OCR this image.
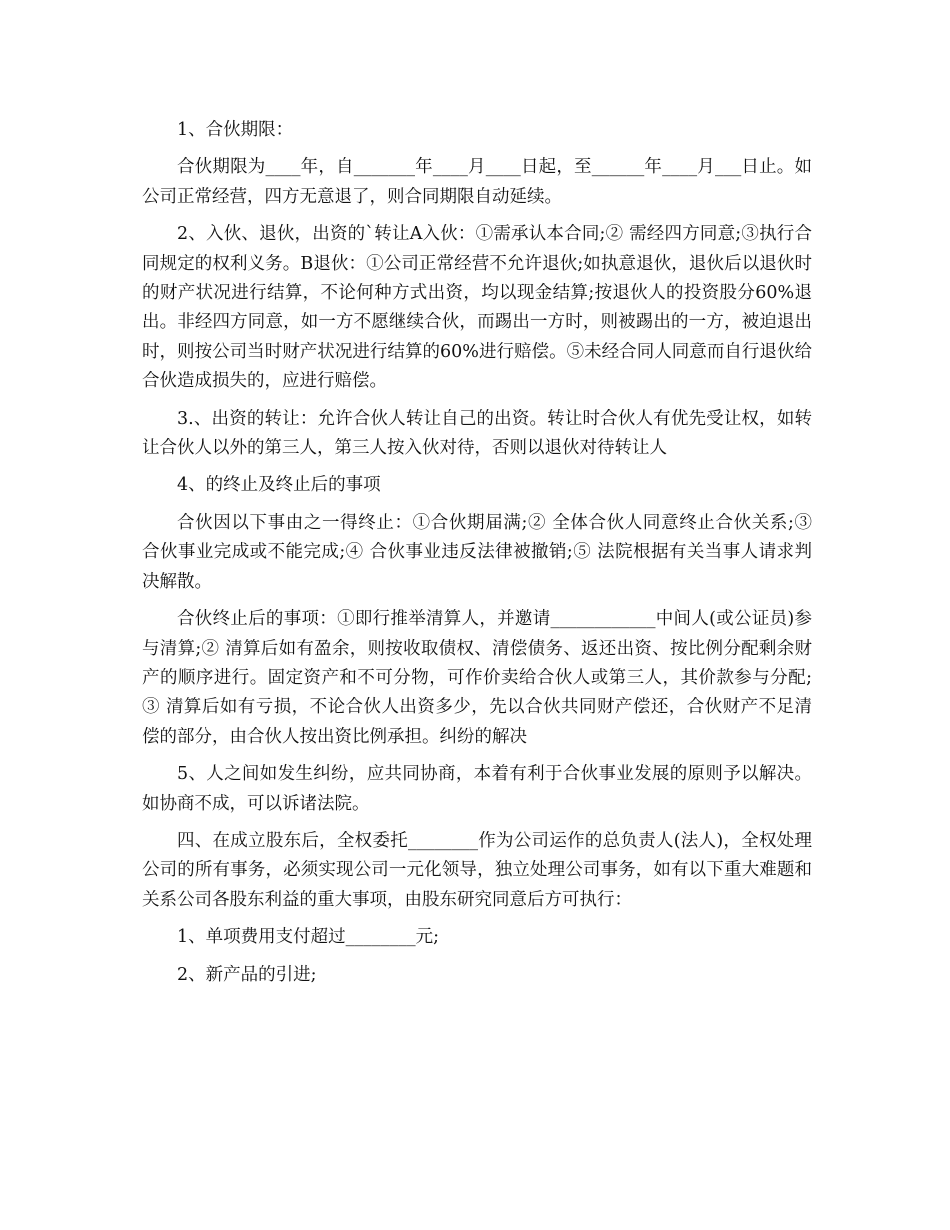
1、合伙期限：

合伙期限为____年，自_______年____月____日起，至______年____月___日止。如公司正常经营，四方无意退了，则合同期限自动延续。

2、入伙、退伙，出资的`转让A入伙：①需承认本合同;② 需经四方同意;③执行合同规定的权利义务。B退伙：①公司正常经营不允许退伙;如执意退伙，退伙后以退伙时的财产状况进行结算，不论何种方式出资，均以现金结算;按退伙人的投资股分60%退出。非经四方同意，如一方不愿继续合伙，而踢出一方时，则被踢出的一方，被迫退出时，则按公司当时财产状况进行结算的60%进行赔偿。⑤未经合同人同意而自行退伙给合伙造成损失的，应进行赔偿。

3.、出资的转让：允许合伙人转让自己的出资。转让时合伙人有优先受让权，如转让合伙人以外的第三人，第三人按入伙对待，否则以退伙对待转让人

4、的终止及终止后的事项

合伙因以下事由之一得终止：①合伙期届满;② 全体合伙人同意终止合伙关系;③ 合伙事业完成或不能完成;④ 合伙事业违反法律被撤销;⑤ 法院根据有关当事人请求判决解散。

合伙终止后的事项：①即行推举清算人，并邀请____________中间人(或公证员)参与清算;② 清算后如有盈余，则按收取债权、清偿债务、返还出资、按比例分配剩余财产的顺序进行。固定资产和不可分物，可作价卖给合伙人或第三人，其价款参与分配;③ 清算后如有亏损，不论合伙人出资多少，先以合伙共同财产偿还，合伙财产不足清偿的部分，由合伙人按出资比例承担。纠纷的解决

5、人之间如发生纠纷，应共同协商，本着有利于合伙事业发展的原则予以解决。如协商不成，可以诉诸法院。

四、在成立股东后，全权委托________作为公司运作的总负责人(法人)，全权处理公司的所有事务，必须实现公司一元化领导，独立处理公司事务，如有以下重大难题和关系公司各股东利益的重大事项，由股东研究同意后方可执行：

1、单项费用支付超过________元;

2、新产品的引进;
